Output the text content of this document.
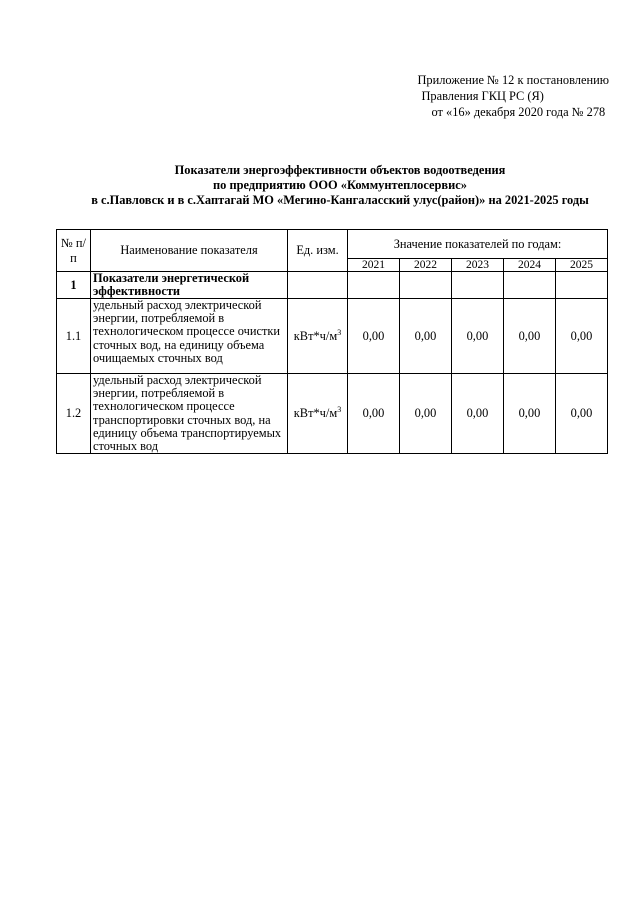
Приложение № 12 к постановлению
Правления ГКЦ РС (Я)
от «16» декабря 2020 года № 278
Показатели энергоэффективности объектов водоотведения
по предприятию ООО «Коммунтеплосервис»
в с.Павловск и в с.Хаптагай МО «Мегино-Кангаласский улус(район)» на 2021-2025 годы
№ п/п	Наименование показателя	Ед. изм.	Значение показателей по годам:				
			2021	2022	2023	2024	2025
1	Показатели энергетической эффективности						
1.1	удельный расход электрической энергии, потребляемой в технологическом процессе очистки сточных вод, на единицу объема очищаемых сточных вод	$кВт*ч/м^3$	0,00	0,00	0,00	0,00	0,00
1.2	удельный расход электрической энергии, потребляемой в технологическом процессе транспортировки сточных вод, на единицу объема транспортируемых сточных вод	$кВт*ч/м^3$	0,00	0,00	0,00	0,00	0,00
